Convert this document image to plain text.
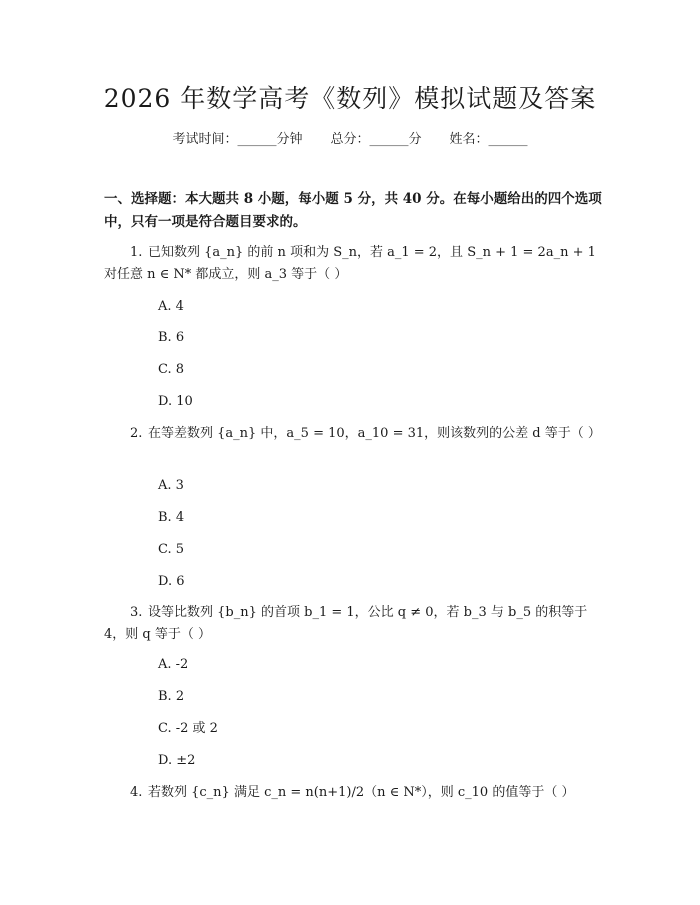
2026 年数学高考《数列》模拟试题及答案
考试时间：______分钟 总分：______分 姓名：______
一、选择题：本大题共 8 小题，每小题 5 分，共 40 分。在每小题给出的四个选项中，只有一项是符合题目要求的。
1. 已知数列 {a_n} 的前 n 项和为 S_n，若 a_1 = 2，且 S_n + 1 = 2a_n + 1 对任意 n ∈ N* 都成立，则 a_3 等于（ ）
A. 4
B. 6
C. 8
D. 10
2. 在等差数列 {a_n} 中，a_5 = 10，a_10 = 31，则该数列的公差 d 等于（ ）
A. 3
B. 4
C. 5
D. 6
3. 设等比数列 {b_n} 的首项 b_1 = 1，公比 q ≠ 0，若 b_3 与 b_5 的积等于 4，则 q 等于（ ）
A. -2
B. 2
C. -2 或 2
D. ±2
4. 若数列 {c_n} 满足 c_n = n(n+1)/2（n ∈ N*），则 c_10 的值等于（ ）
